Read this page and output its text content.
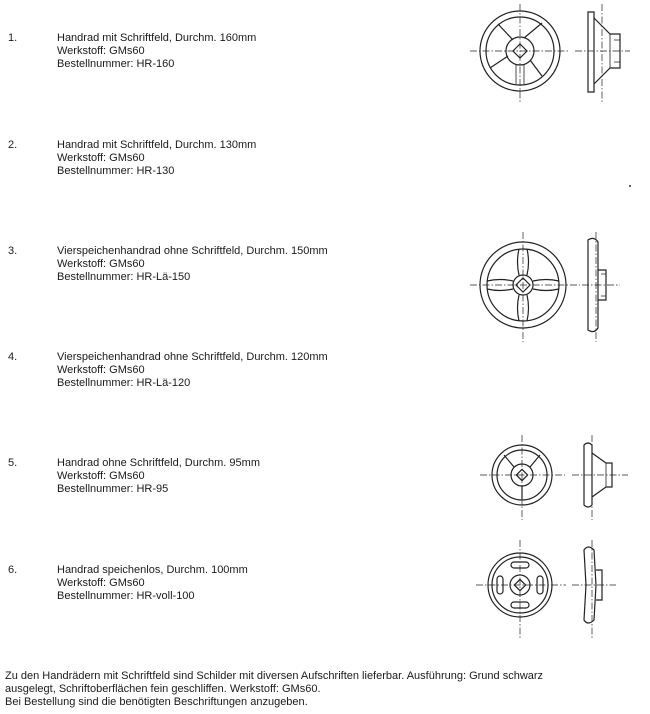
1.	Handrad mit Schriftfeld, Durchm. 160mm
Werkstoff: GMs60
Bestellnummer: HR-160
2.	Handrad mit Schriftfeld, Durchm. 130mm
Werkstoff: GMs60
Bestellnummer: HR-130
3.	Vierspeichenhandrad ohne Schriftfeld, Durchm. 150mm
Werkstoff: GMs60
Bestellnummer: HR-Lä-150
4.	Vierspeichenhandrad ohne Schriftfeld, Durchm. 120mm
Werkstoff: GMs60
Bestellnummer: HR-Lä-120
5.	Handrad ohne Schriftfeld, Durchm. 95mm
Werkstoff: GMs60
Bestellnummer: HR-95
6.	Handrad speichenlos, Durchm. 100mm
Werkstoff: GMs60
Bestellnummer: HR-voll-100
Zu den Handrädern mit Schriftfeld sind Schilder mit diversen Aufschriften lieferbar. Ausführung: Grund schwarz
ausgelegt, Schriftoberflächen fein geschliffen. Werkstoff: GMs60.
Bei Bestellung sind die benötigten Beschriftungen anzugeben.
